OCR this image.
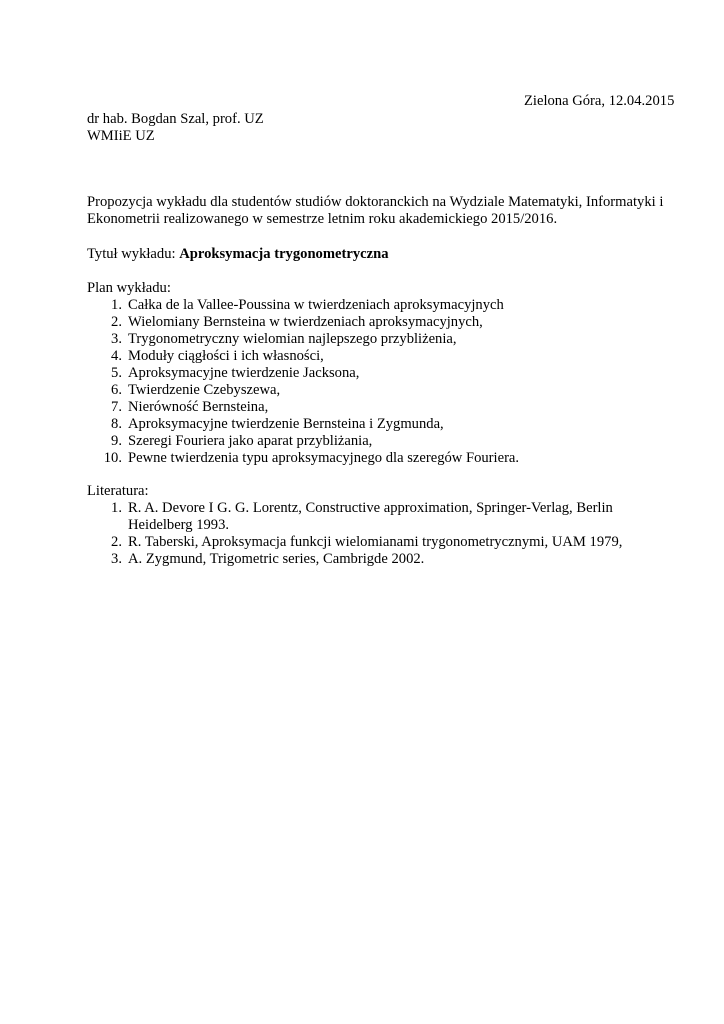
Zielona Góra, 12.04.2015
dr hab. Bogdan Szal, prof. UZ
WMIiE UZ
Propozycja wykładu dla studentów studiów doktoranckich na Wydziale Matematyki, Informatyki i
Ekonometrii realizowanego w semestrze letnim roku akademickiego 2015/2016.
Tytuł wykładu: Aproksymacja trygonometryczna
Plan wykładu:
1. Całka de la Vallee-Poussina w twierdzeniach aproksymacyjnych
2. Wielomiany Bernsteina w twierdzeniach aproksymacyjnych,
3. Trygonometryczny wielomian najlepszego przybliżenia,
4. Moduły ciągłości i ich własności,
5. Aproksymacyjne twierdzenie Jacksona,
6. Twierdzenie Czebyszewa,
7. Nierówność Bernsteina,
8. Aproksymacyjne twierdzenie Bernsteina i Zygmunda,
9. Szeregi Fouriera jako aparat przybliżania,
10. Pewne twierdzenia typu aproksymacyjnego dla szeregów Fouriera.
Literatura:
1. R. A. Devore I G. G. Lorentz, Constructive approximation, Springer-Verlag, Berlin Heidelberg 1993.
2. R. Taberski, Aproksymacja funkcji wielomianami trygonometrycznymi, UAM 1979,
3. A. Zygmund, Trigometric series, Cambrigde 2002.
